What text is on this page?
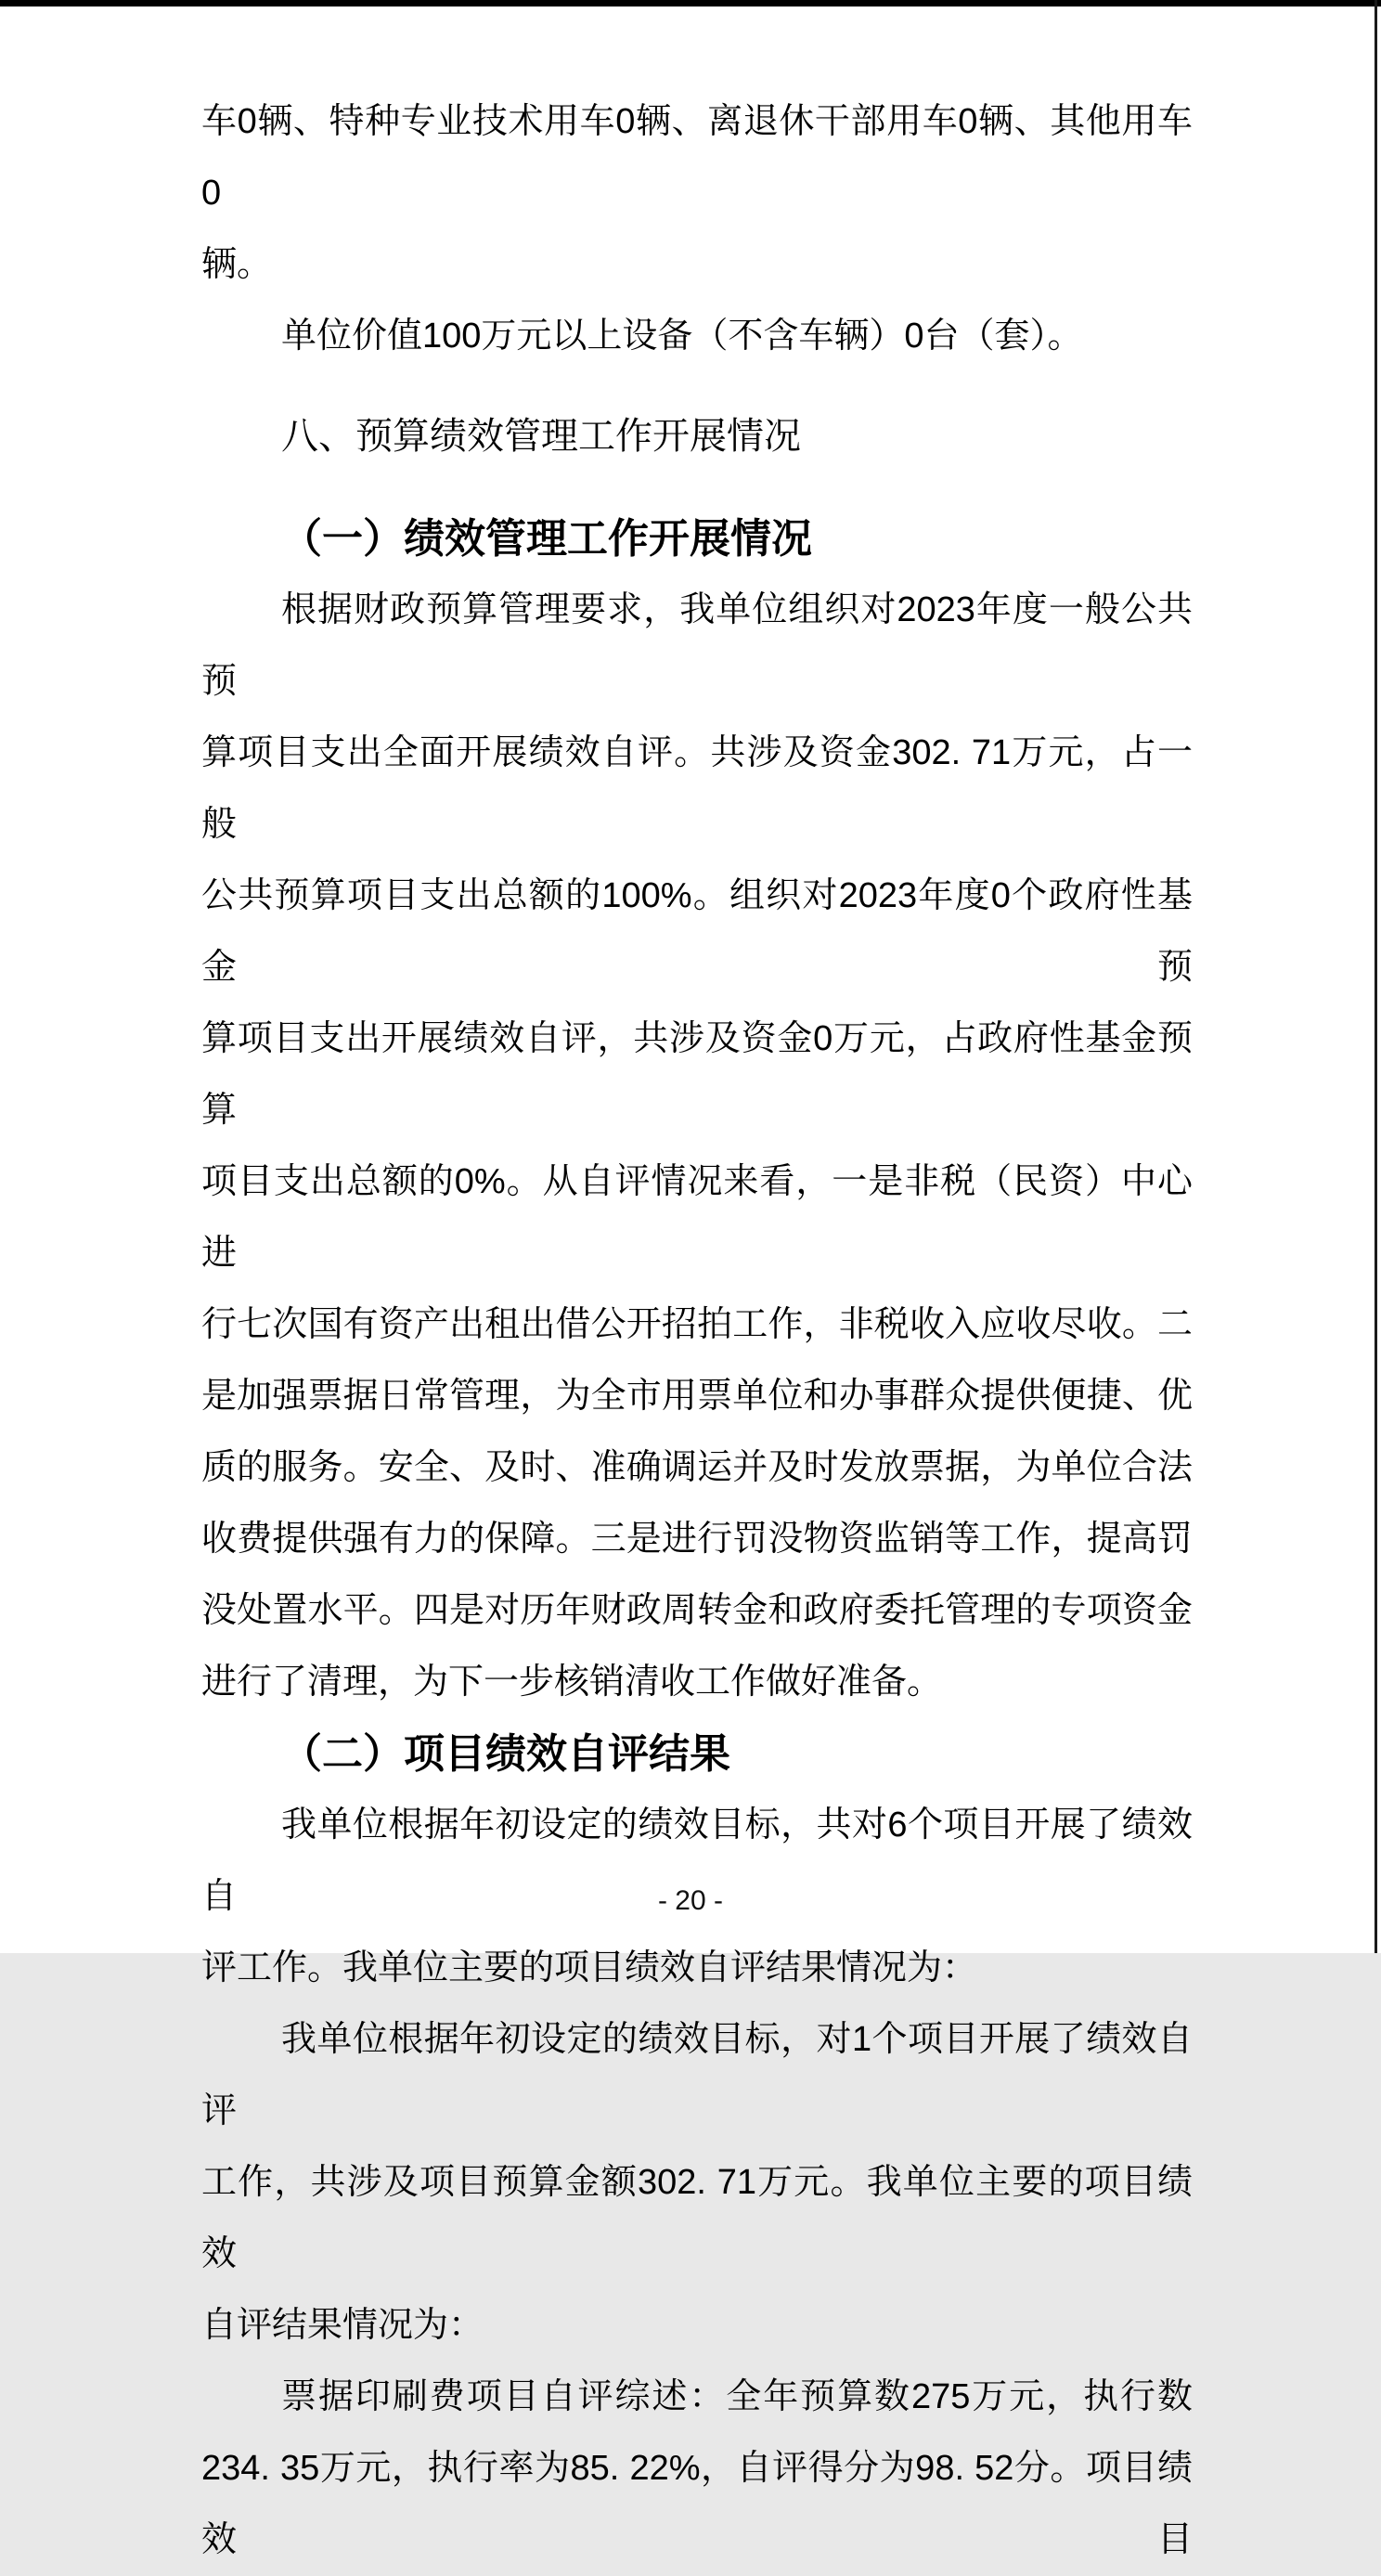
车0辆、特种专业技术用车0辆、离退休干部用车0辆、其他用车0
辆。
单位价值100万元以上设备（不含车辆）0台（套）。
八、预算绩效管理工作开展情况
（一）绩效管理工作开展情况
根据财政预算管理要求，我单位组织对2023年度一般公共预
算项目支出全面开展绩效自评。共涉及资金302. 71万元，占一般
公共预算项目支出总额的100%。组织对2023年度0个政府性基金预
算项目支出开展绩效自评，共涉及资金0万元，占政府性基金预算
项目支出总额的0%。从自评情况来看，一是非税（民资）中心进
行七次国有资产出租出借公开招拍工作，非税收入应收尽收。二
是加强票据日常管理，为全市用票单位和办事群众提供便捷、优
质的服务。安全、及时、准确调运并及时发放票据，为单位合法
收费提供强有力的保障。三是进行罚没物资监销等工作，提高罚
没处置水平。四是对历年财政周转金和政府委托管理的专项资金
进行了清理，为下一步核销清收工作做好准备。
（二）项目绩效自评结果
我单位根据年初设定的绩效目标，共对6个项目开展了绩效自
评工作。我单位主要的项目绩效自评结果情况为：
我单位根据年初设定的绩效目标，对1个项目开展了绩效自评
工作，共涉及项目预算金额302. 71万元。我单位主要的项目绩效
自评结果情况为：
票据印刷费项目自评综述：全年预算数275万元，执行数
234. 35万元，执行率为85. 22%，自评得分为98. 52分。项目绩效目
- 20 -
